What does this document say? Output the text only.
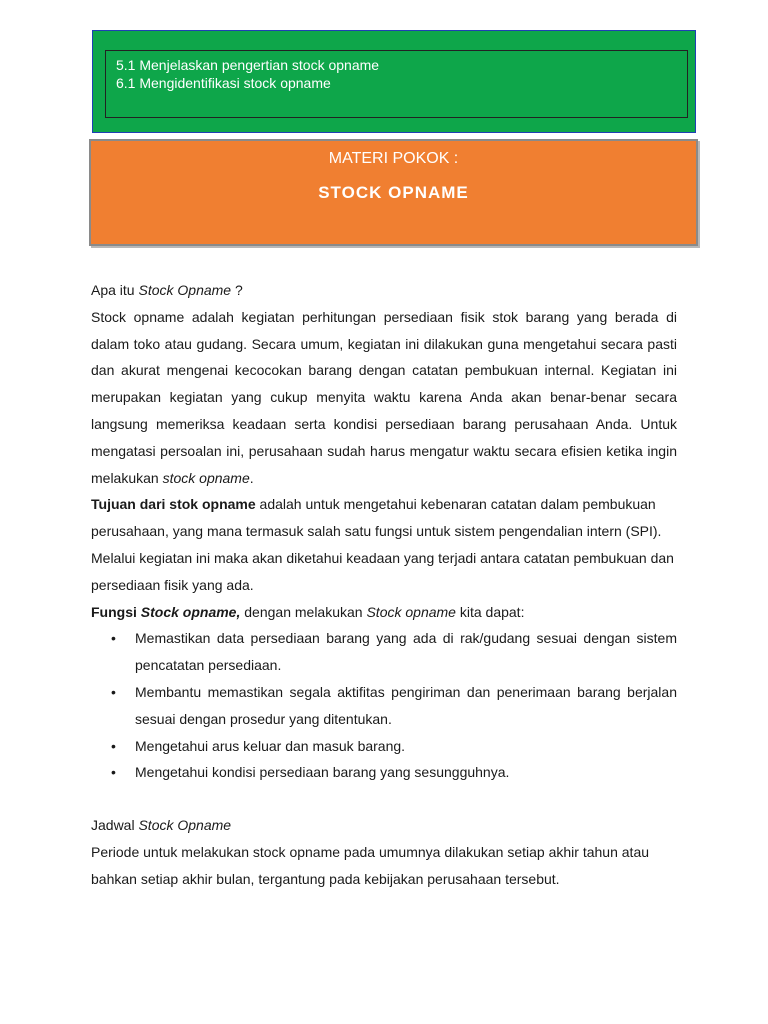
5.1 Menjelaskan pengertian stock opname
6.1 Mengidentifikasi stock opname
MATERI POKOK :
STOCK OPNAME

Apa itu Stock Opname ?

Stock opname adalah kegiatan perhitungan persediaan fisik stok barang yang berada di dalam toko atau gudang. Secara umum, kegiatan ini dilakukan guna mengetahui secara pasti dan akurat mengenai kecocokan barang dengan catatan pembukuan internal. Kegiatan ini merupakan kegiatan yang cukup menyita waktu karena Anda akan benar-benar secara langsung memeriksa keadaan serta kondisi persediaan barang perusahaan Anda. Untuk mengatasi persoalan ini, perusahaan sudah harus mengatur waktu secara efisien ketika ingin melakukan stock opname.

Tujuan dari stok opname adalah untuk mengetahui kebenaran catatan dalam pembukuan perusahaan, yang mana termasuk salah satu fungsi untuk sistem pengendalian intern (SPI). Melalui kegiatan ini maka akan diketahui keadaan yang terjadi antara catatan pembukuan dan persediaan fisik yang ada.

Fungsi Stock opname, dengan melakukan Stock opname kita dapat:

• Memastikan data persediaan barang yang ada di rak/gudang sesuai dengan sistem pencatatan persediaan.
• Membantu memastikan segala aktifitas pengiriman dan penerimaan barang berjalan sesuai dengan prosedur yang ditentukan.
• Mengetahui arus keluar dan masuk barang.
• Mengetahui kondisi persediaan barang yang sesungguhnya.

Jadwal Stock Opname

Periode untuk melakukan stock opname pada umumnya dilakukan setiap akhir tahun atau bahkan setiap akhir bulan, tergantung pada kebijakan perusahaan tersebut.
